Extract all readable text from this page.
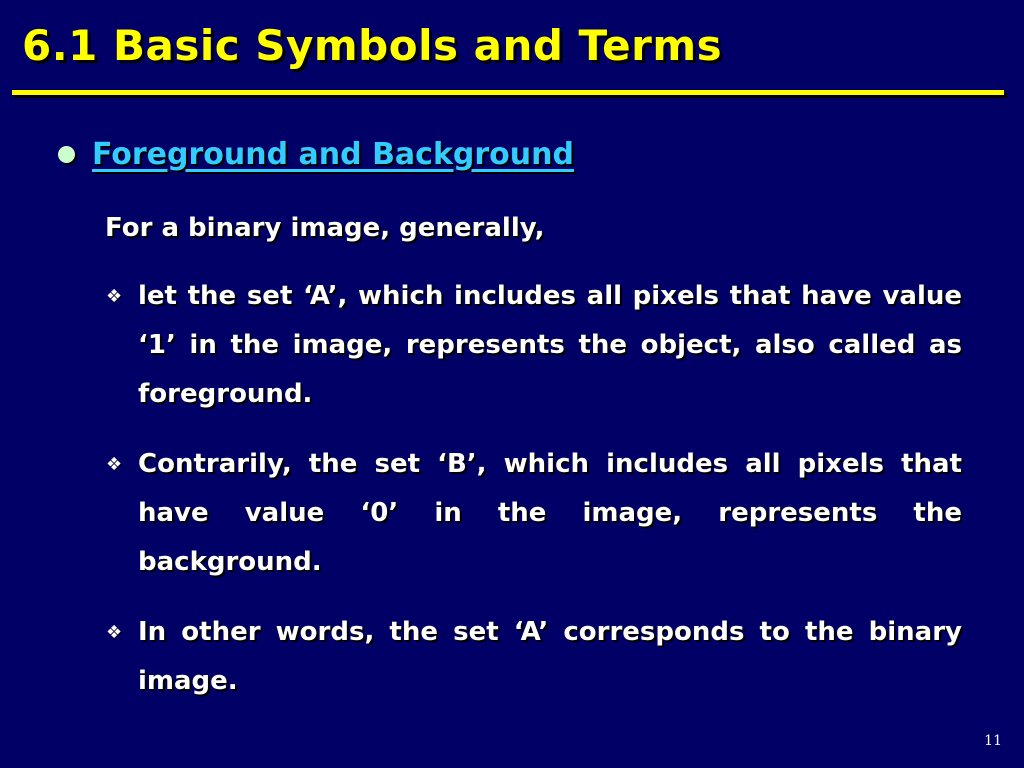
6.1 Basic Symbols and Terms
Foreground and Background
For a binary image, generally,
❖ let the set ‘A’, which includes all pixels that have value ‘1’ in the image, represents the object, also called as foreground.
❖ Contrarily, the set ‘B’, which includes all pixels that have value ‘0’ in the image, represents the background.
❖ In other words, the set ‘A’ corresponds to the binary image.
11
